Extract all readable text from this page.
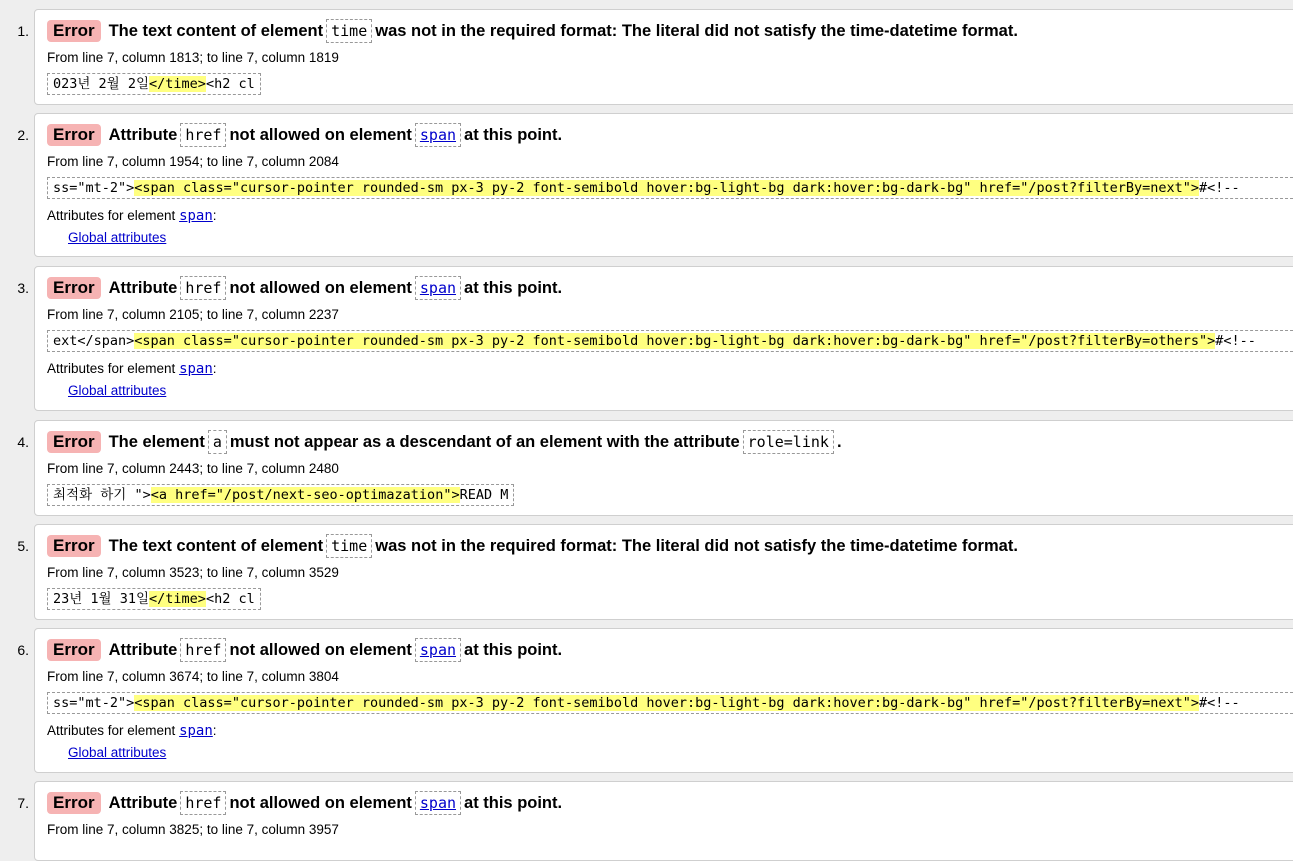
1.	Error The text content of element time was not in the required format: The literal did not satisfy the time-datetime format.
From line 7, column 1813; to line 7, column 1819
023년 2월 2일</time><h2 cl
2.	Error Attribute href not allowed on element span at this point.
From line 7, column 1954; to line 7, column 2084
ss="mt-2"><span class="cursor-pointer rounded-sm px-3 py-2 font-semibold hover:bg-light-bg dark:hover:bg-dark-bg" href="/post?filterBy=next">#<!--
Attributes for element span:
Global attributes
3.	Error Attribute href not allowed on element span at this point.
From line 7, column 2105; to line 7, column 2237
ext</span><span class="cursor-pointer rounded-sm px-3 py-2 font-semibold hover:bg-light-bg dark:hover:bg-dark-bg" href="/post?filterBy=others">#<!--
Attributes for element span:
Global attributes
4.	Error The element a must not appear as a descendant of an element with the attribute role=link .
From line 7, column 2443; to line 7, column 2480
최적화 하기 "><a href="/post/next-seo-optimazation">READ M
5.	Error The text content of element time was not in the required format: The literal did not satisfy the time-datetime format.
From line 7, column 3523; to line 7, column 3529
23년 1월 31일</time><h2 cl
6.	Error Attribute href not allowed on element span at this point.
From line 7, column 3674; to line 7, column 3804
ss="mt-2"><span class="cursor-pointer rounded-sm px-3 py-2 font-semibold hover:bg-light-bg dark:hover:bg-dark-bg" href="/post?filterBy=next">#<!--
Attributes for element span:
Global attributes
7.	Error Attribute href not allowed on element span at this point.
From line 7, column 3825; to line 7, column 3957
